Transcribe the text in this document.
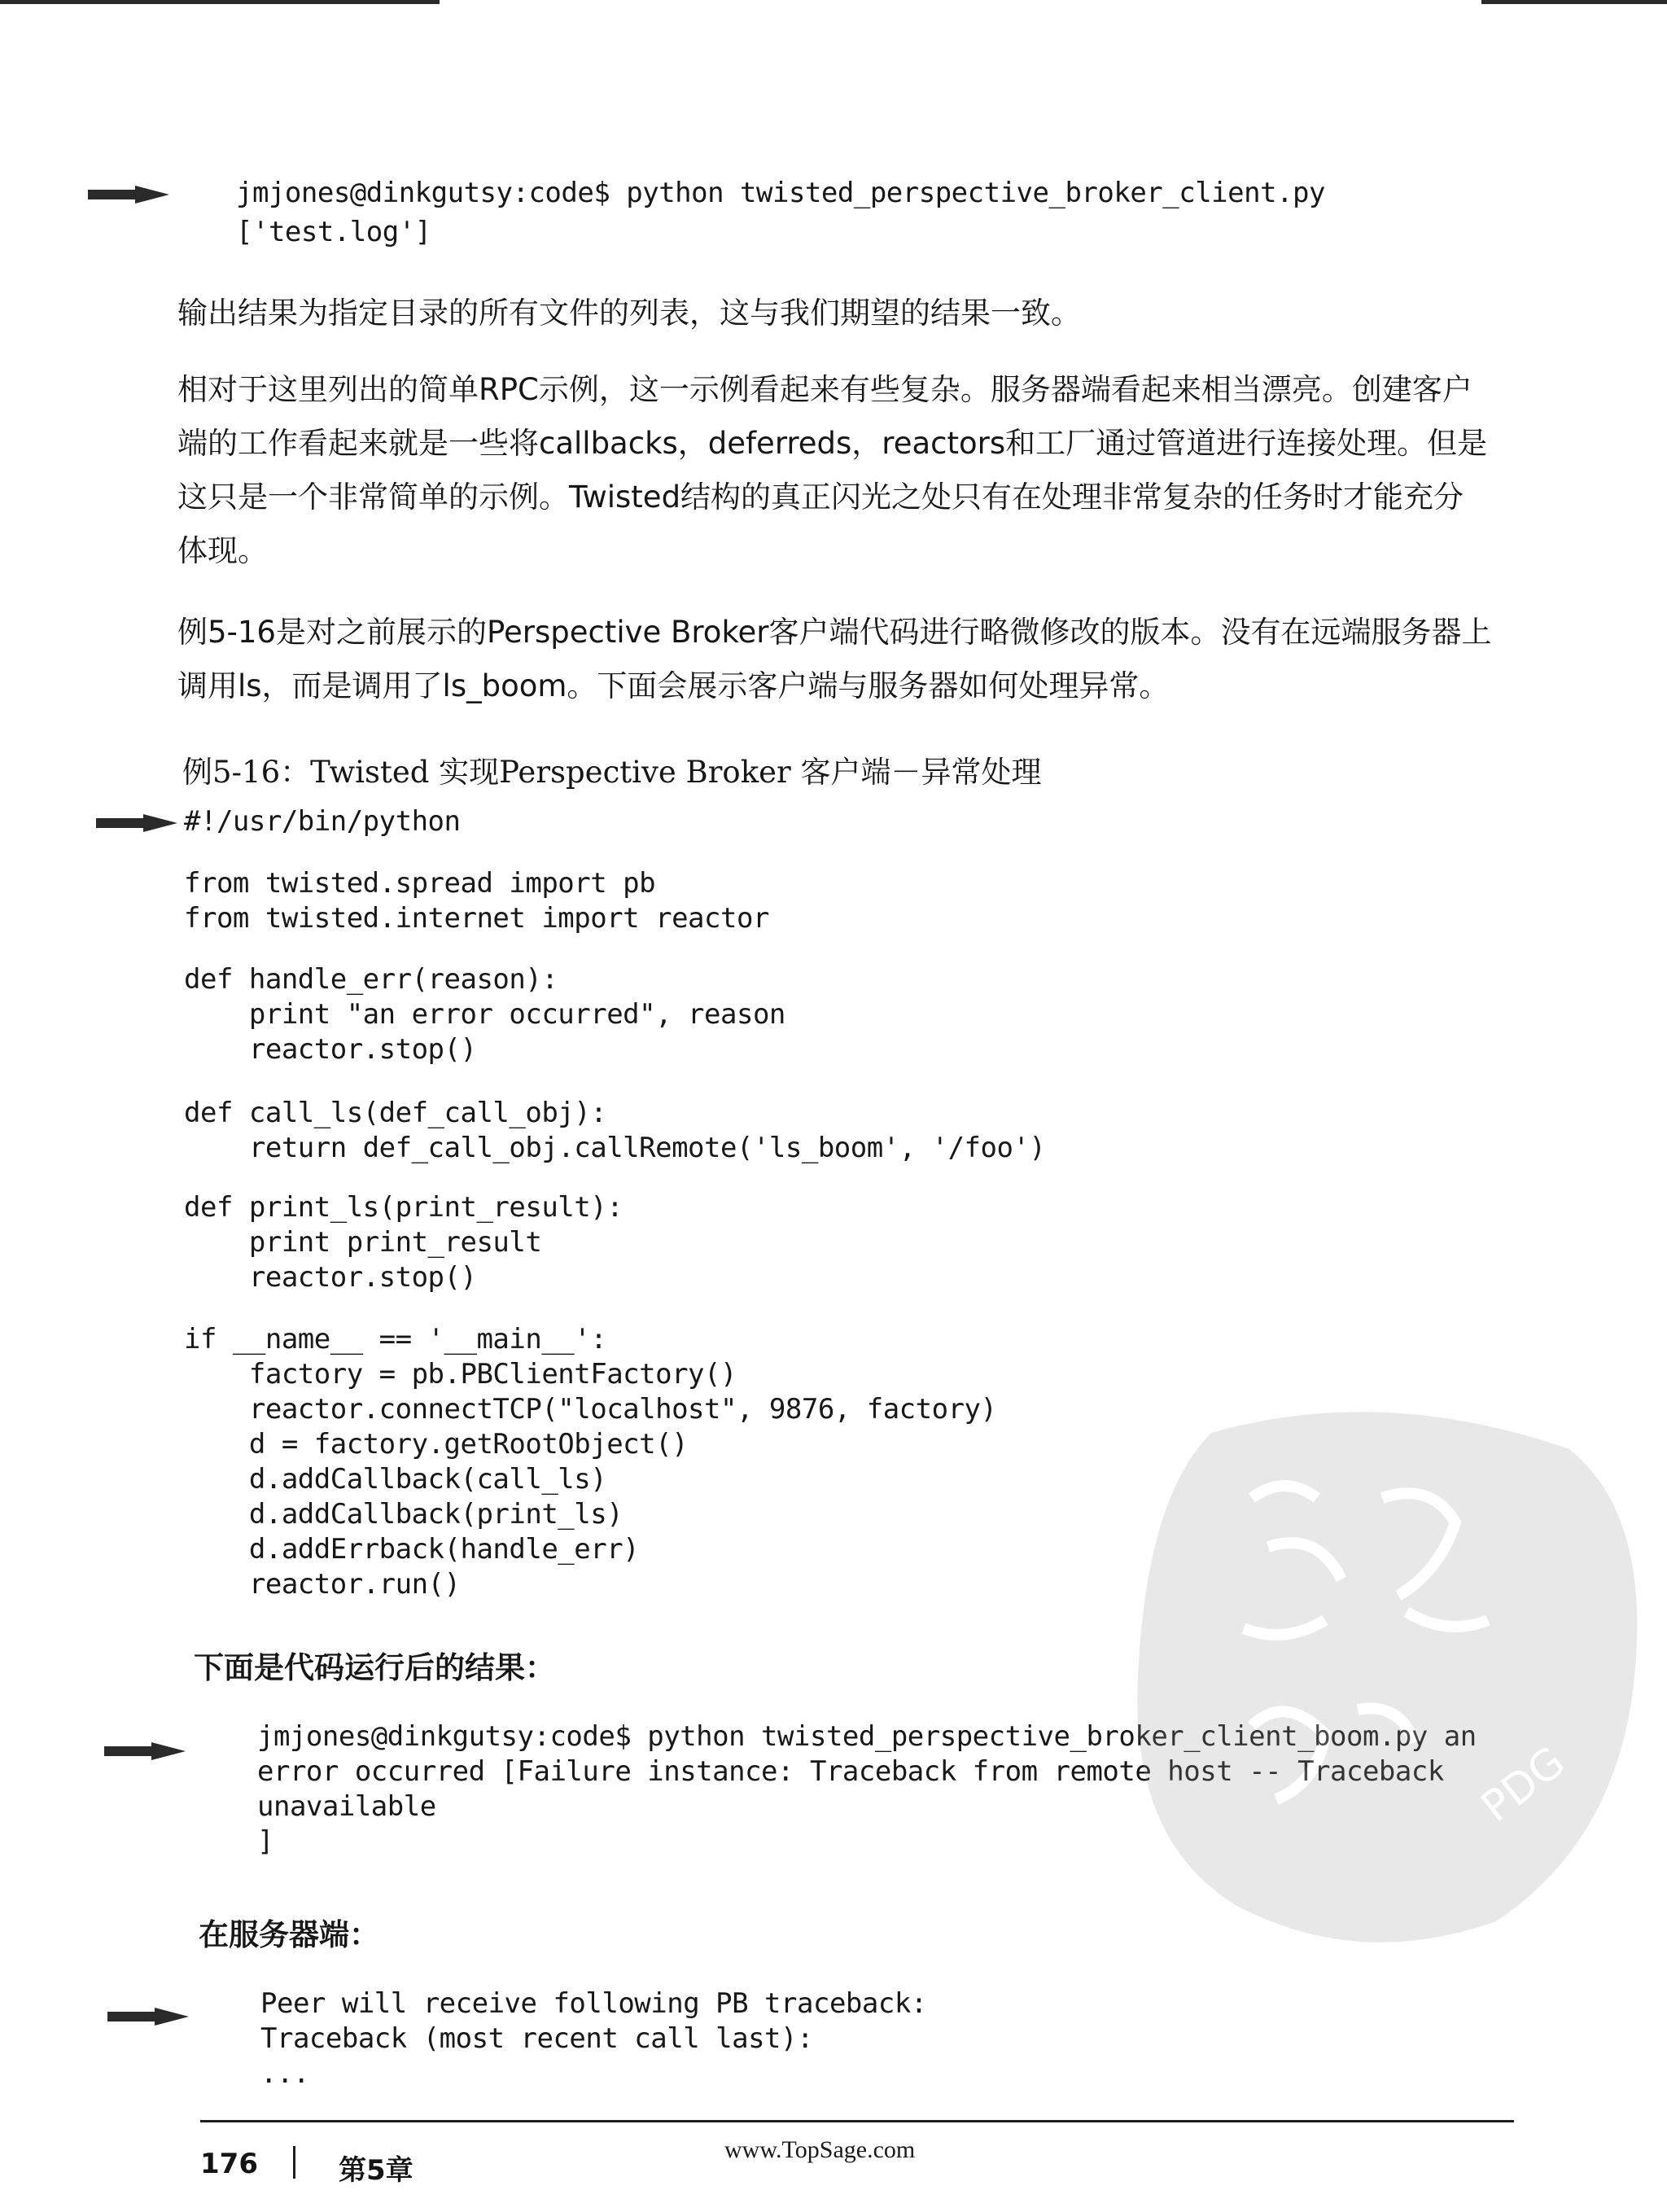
jmjones@dinkgutsy:code$ python twisted_perspective_broker_client.py
['test.log']

输出结果为指定目录的所有文件的列表，这与我们期望的结果一致。

相对于这里列出的简单RPC示例，这一示例看起来有些复杂。服务器端看起来相当漂亮。创建客户端的工作看起来就是一些将callbacks，deferreds，reactors和工厂通过管道进行连接处理。但是这只是一个非常简单的示例。Twisted结构的真正闪光之处只有在处理非常复杂的任务时才能充分体现。

例5-16是对之前展示的Perspective Broker客户端代码进行略微修改的版本。没有在远端服务器上调用ls，而是调用了ls_boom。下面会展示客户端与服务器如何处理异常。

例5-16：Twisted 实现Perspective Broker 客户端－异常处理

#!/usr/bin/python
from twisted.spread import pb
from twisted.internet import reactor
def handle_err(reason):
print "an error occurred", reason
reactor.stop()
def call_ls(def_call_obj):
return def_call_obj.callRemote('ls_boom', '/foo')
def print_ls(print_result):
print print_result
reactor.stop()
if __name__ == '__main__':
factory = pb.PBClientFactory()
reactor.connectTCP("localhost", 9876, factory)
d = factory.getRootObject()
d.addCallback(call_ls)
d.addCallback(print_ls)
d.addErrback(handle_err)
reactor.run()

下面是代码运行后的结果：

jmjones@dinkgutsy:code$ python twisted_perspective_broker_client_boom.py
error occurred [Failure instance: Traceback from remote
unavailable
]

在服务器端：

Peer will receive following PB traceback:
Traceback (most recent call last):
...
PDG

176	第5章

www.TopSage.com
